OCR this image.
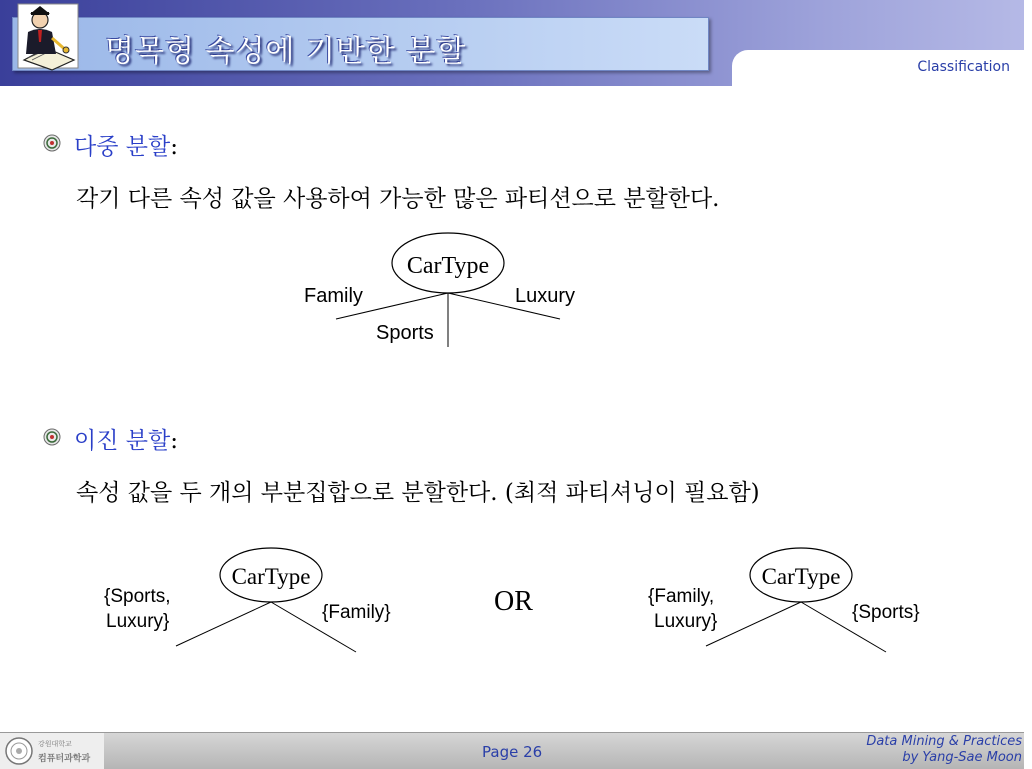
명목형 속성에 기반한 분할	Classification
다중 분할:
각기 다른 속성 값을 사용하여 가능한 많은 파티션으로 분할한다.
CarType
Family
Sports
Luxury
이진 분할:
속성 값을 두 개의 부분집합으로 분할한다. (최적 파티셔닝이 필요함)
CarType
{Sports,
Luxury}	{Family}	OR
CarType
{Family,
Luxury}	{Sports}
강원대학교
컴퓨터과학과	Page 26
Data Mining & Practices
by Yang-Sae Moon
